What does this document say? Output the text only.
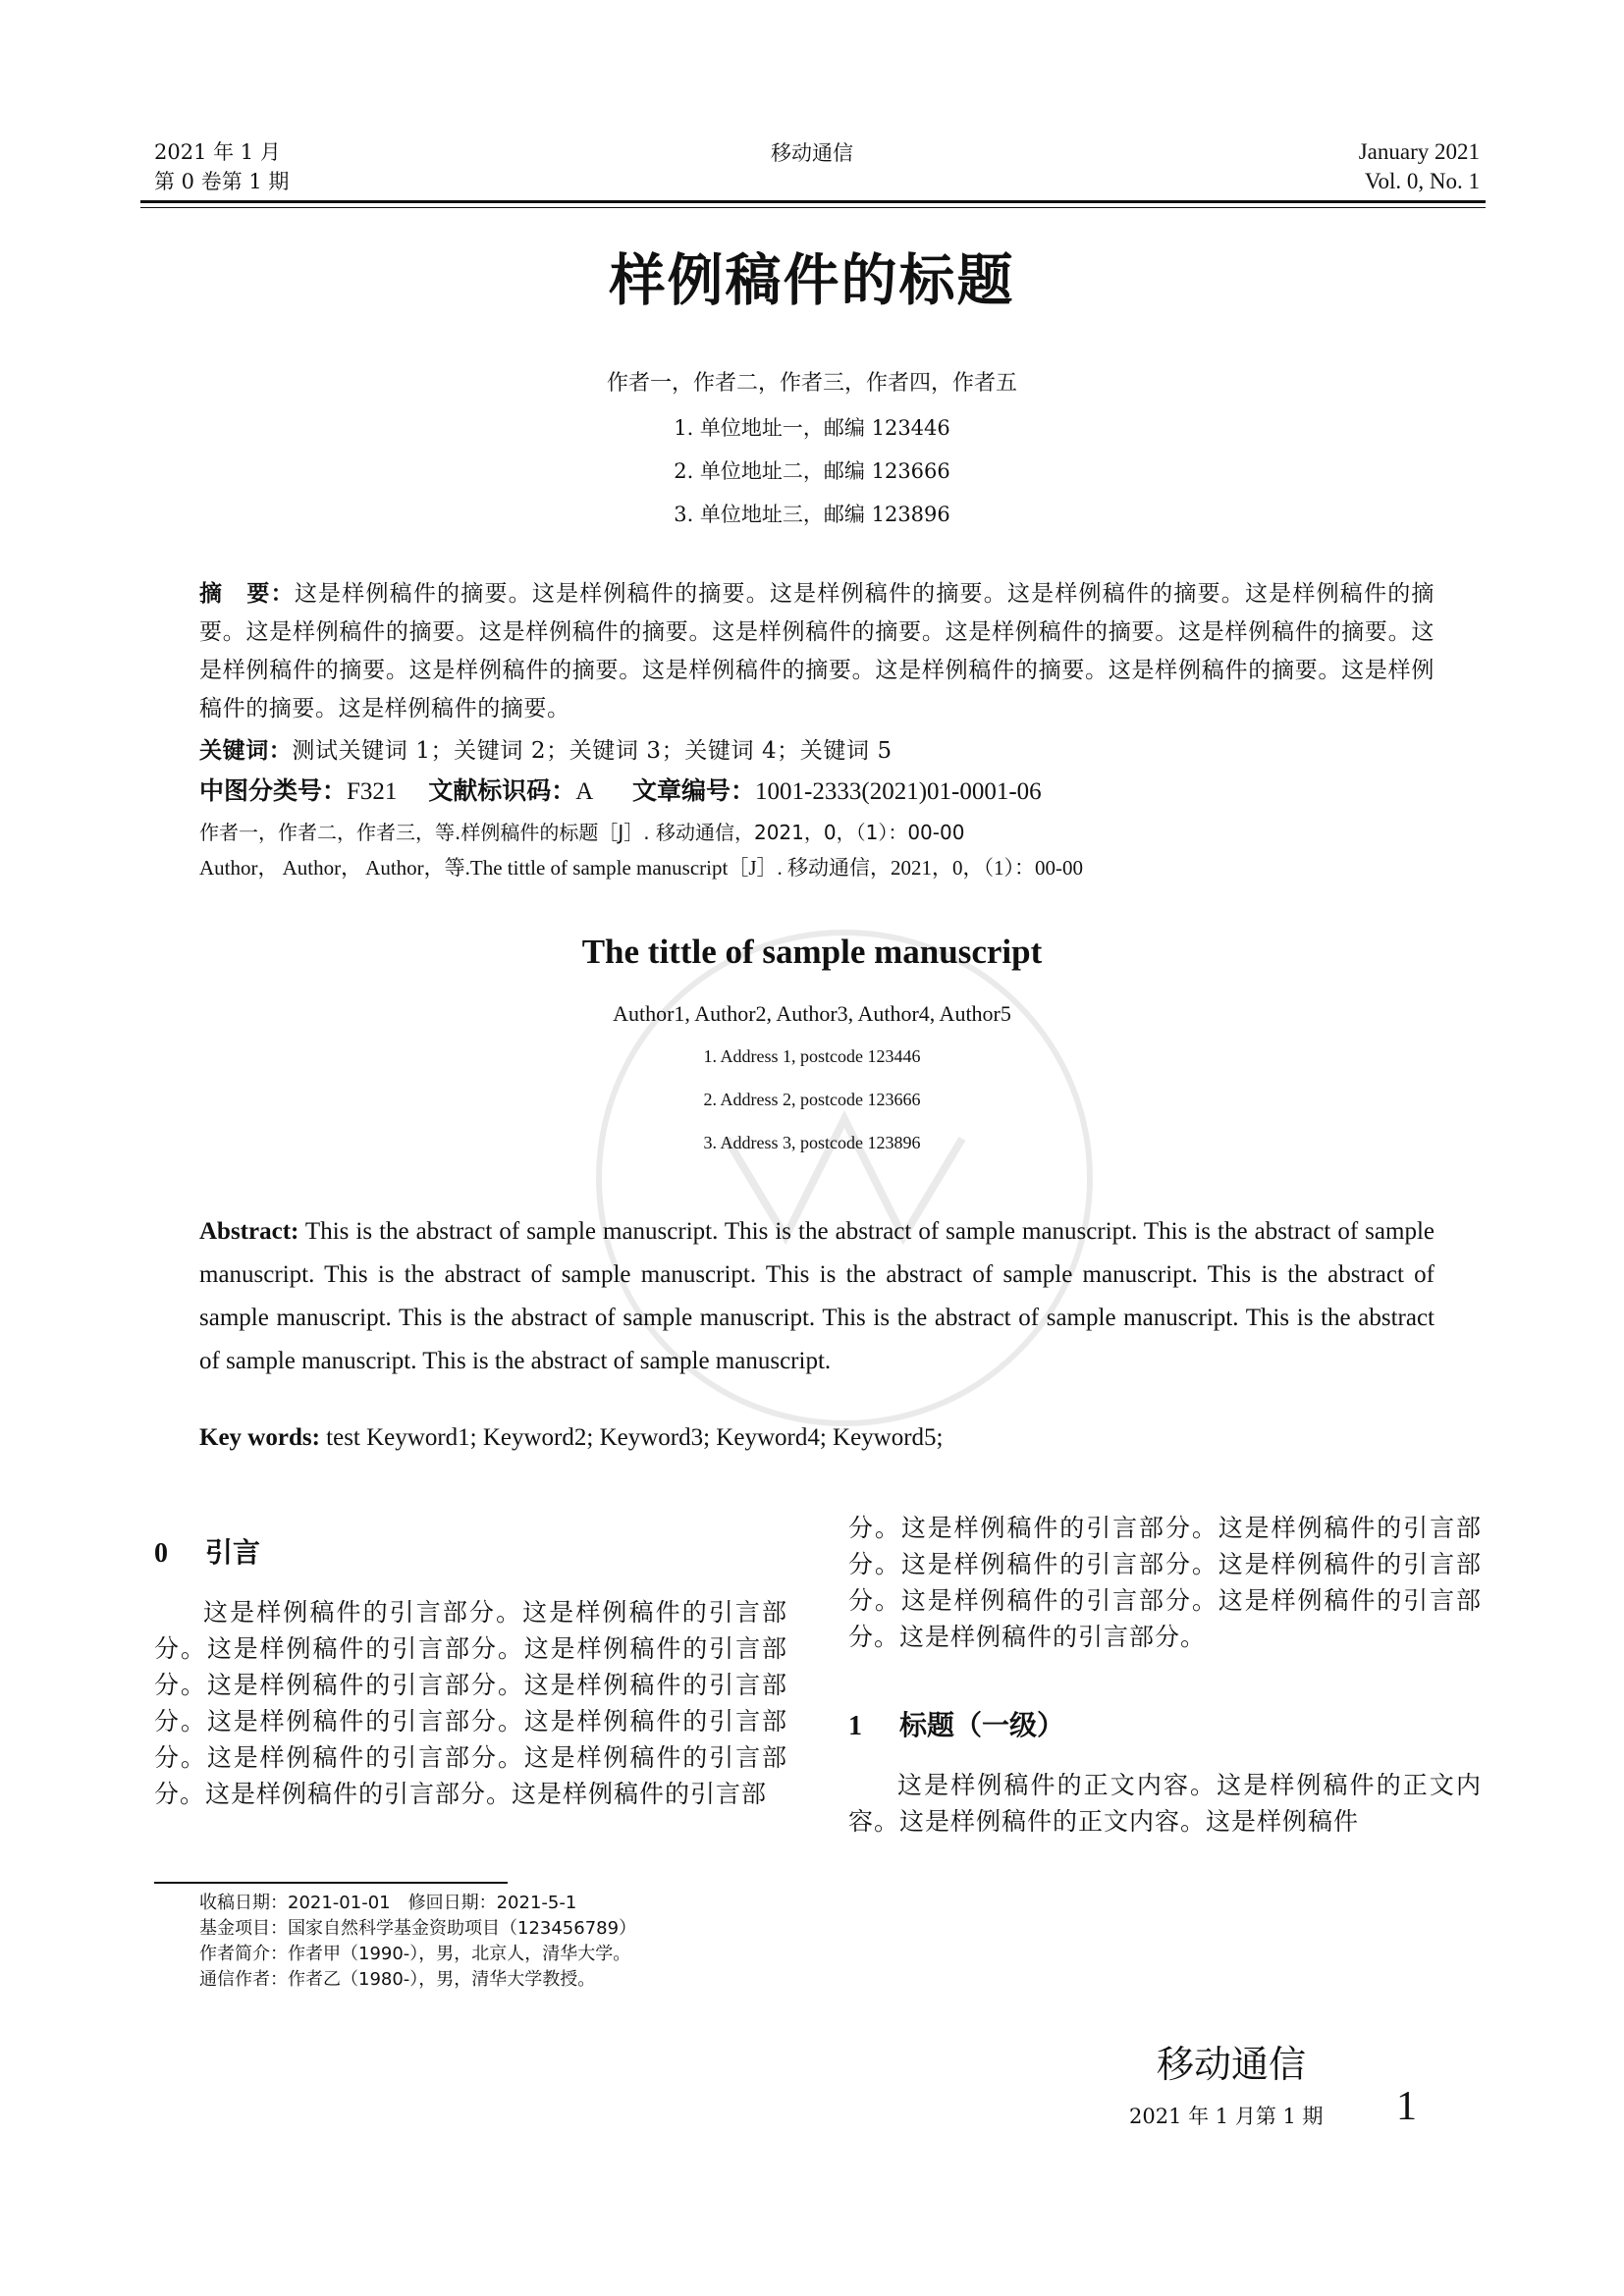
2021 年 1 月
第 0 卷第 1 期
移动通信	January 2021
Vol. 0, No. 1
样例稿件的标题
作者一，作者二，作者三，作者四，作者五
1. 单位地址一，邮编 123446
2. 单位地址二，邮编 123666
3. 单位地址三，邮编 123896
摘　要：这是样例稿件的摘要。这是样例稿件的摘要。这是样例稿件的摘要。这是样例稿件的摘要。这是样例稿件的摘要。这是样例稿件的摘要。这是样例稿件的摘要。这是样例稿件的摘要。这是样例稿件的摘要。这是样例稿件的摘要。这是样例稿件的摘要。这是样例稿件的摘要。这是样例稿件的摘要。这是样例稿件的摘要。这是样例稿件的摘要。这是样例稿件的摘要。这是样例稿件的摘要。
关键词：测试关键词 1；关键词 2；关键词 3；关键词 4；关键词 5
中图分类号：F321 文献标识码：A 文章编号：1001-2333(2021)01-0001-06
作者一，作者二，作者三，等.样例稿件的标题［J］. 移动通信，2021，0，（1）：00-00
Author， Author， Author，等.The tittle of sample manuscript［J］. 移动通信，2021，0，（1）：00-00
The tittle of sample manuscript
Author1, Author2, Author3, Author4, Author5
1. Address 1, postcode 123446
2. Address 2, postcode 123666
3. Address 3, postcode 123896
Abstract: This is the abstract of sample manuscript. This is the abstract of sample manuscript. This is the abstract of sample manuscript. This is the abstract of sample manuscript. This is the abstract of sample manuscript. This is the abstract of sample manuscript. This is the abstract of sample manuscript. This is the abstract of sample manuscript. This is the abstract of sample manuscript. This is the abstract of sample manuscript.
Key words: test Keyword1; Keyword2; Keyword3; Keyword4; Keyword5;
0 引言
这是样例稿件的引言部分。这是样例稿件的引言部分。这是样例稿件的引言部分。这是样例稿件的引言部分。这是样例稿件的引言部分。这是样例稿件的引言部分。这是样例稿件的引言部分。这是样例稿件的引言部分。这是样例稿件的引言部分。这是样例稿件的引言部分。这是样例稿件的引言部分。这是样例稿件的引言部
分。这是样例稿件的引言部分。这是样例稿件的引言部分。这是样例稿件的引言部分。这是样例稿件的引言部分。这是样例稿件的引言部分。这是样例稿件的引言部分。这是样例稿件的引言部分。
1 标题（一级）
这是样例稿件的正文内容。这是样例稿件的正文内容。这是样例稿件的正文内容。这是样例稿件
收稿日期：2021-01-01　修回日期：2021-5-1
基金项目：国家自然科学基金资助项目（123456789）
作者简介：作者甲（1990-），男，北京人，清华大学。
通信作者：作者乙（1980-），男，清华大学教授。
移动通信
2021 年 1 月第 1 期 1
